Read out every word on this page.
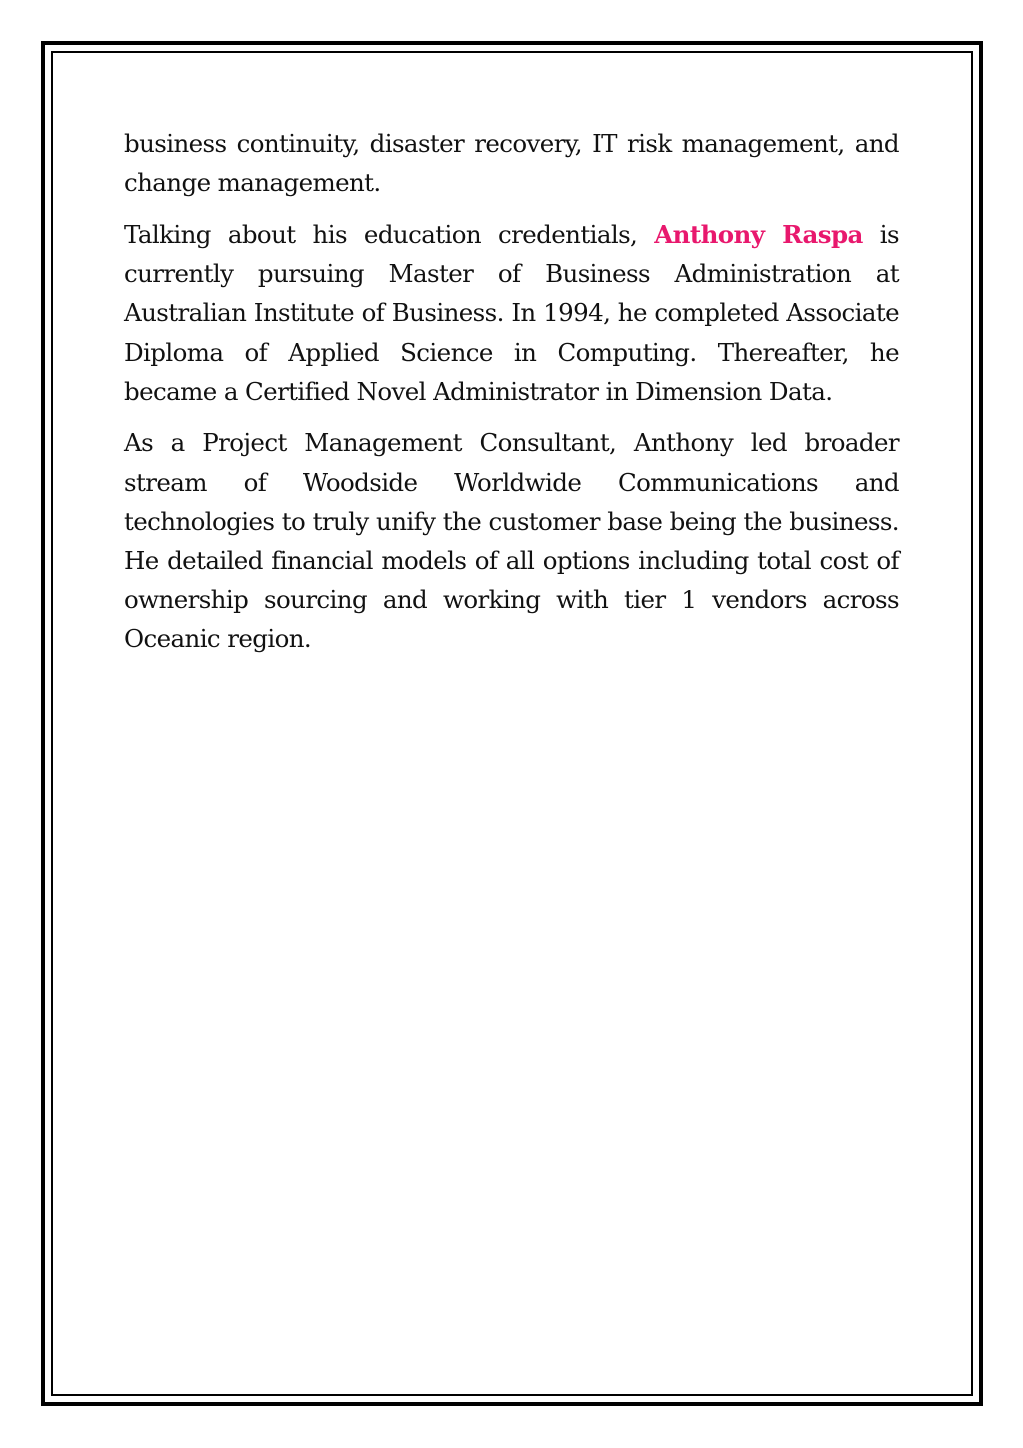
business continuity, disaster recovery, IT risk management, and change management.

Talking about his education credentials, Anthony Raspa is currently pursuing Master of Business Administration at Australian Institute of Business. In 1994, he completed Associate Diploma of Applied Science in Computing. Thereafter, he became a Certified Novel Administrator in Dimension Data.

As a Project Management Consultant, Anthony led broader stream of Woodside Worldwide Communications and technologies to truly unify the customer base being the business. He detailed financial models of all options including total cost of ownership sourcing and working with tier 1 vendors across Oceanic region.
